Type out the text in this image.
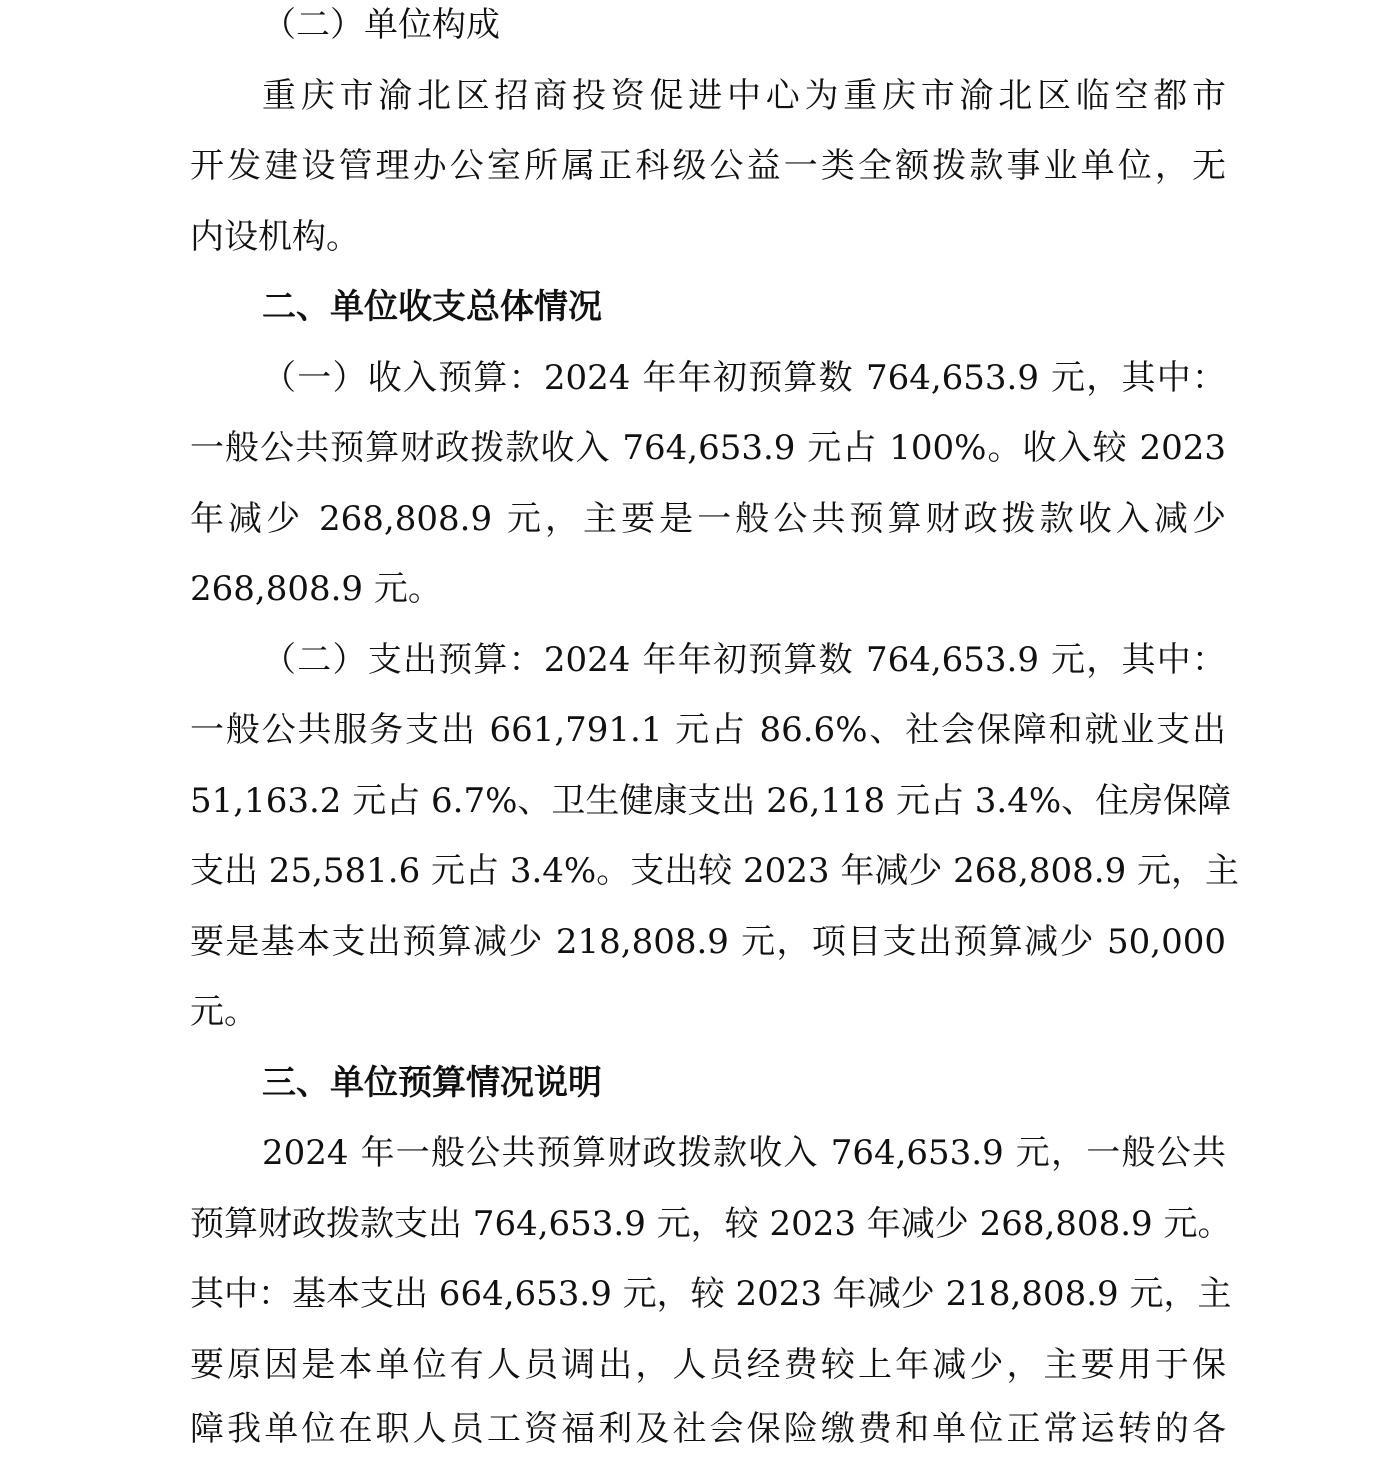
（二）单位构成
重庆市渝北区招商投资促进中心为重庆市渝北区临空都市
开发建设管理办公室所属正科级公益一类全额拨款事业单位，无
内设机构。
二、单位收支总体情况
（一）收入预算：2024 年年初预算数 764,653.9 元，其中：
一般公共预算财政拨款收入 764,653.9 元占 100%。收入较 2023
年减少 268,808.9 元，主要是一般公共预算财政拨款收入减少
268,808.9 元。
（二）支出预算：2024 年年初预算数 764,653.9 元，其中：
一般公共服务支出 661,791.1 元占 86.6%、社会保障和就业支出
51,163.2 元占 6.7%、卫生健康支出 26,118 元占 3.4%、住房保障
支出 25,581.6 元占 3.4%。支出较 2023 年减少 268,808.9 元，主
要是基本支出预算减少 218,808.9 元，项目支出预算减少 50,000
元。
三、单位预算情况说明
2024 年一般公共预算财政拨款收入 764,653.9 元，一般公共
预算财政拨款支出 764,653.9 元，较 2023 年减少 268,808.9 元。
其中：基本支出 664,653.9 元，较 2023 年减少 218,808.9 元，主
要原因是本单位有人员调出，人员经费较上年减少，主要用于保
障我单位在职人员工资福利及社会保险缴费和单位正常运转的各
